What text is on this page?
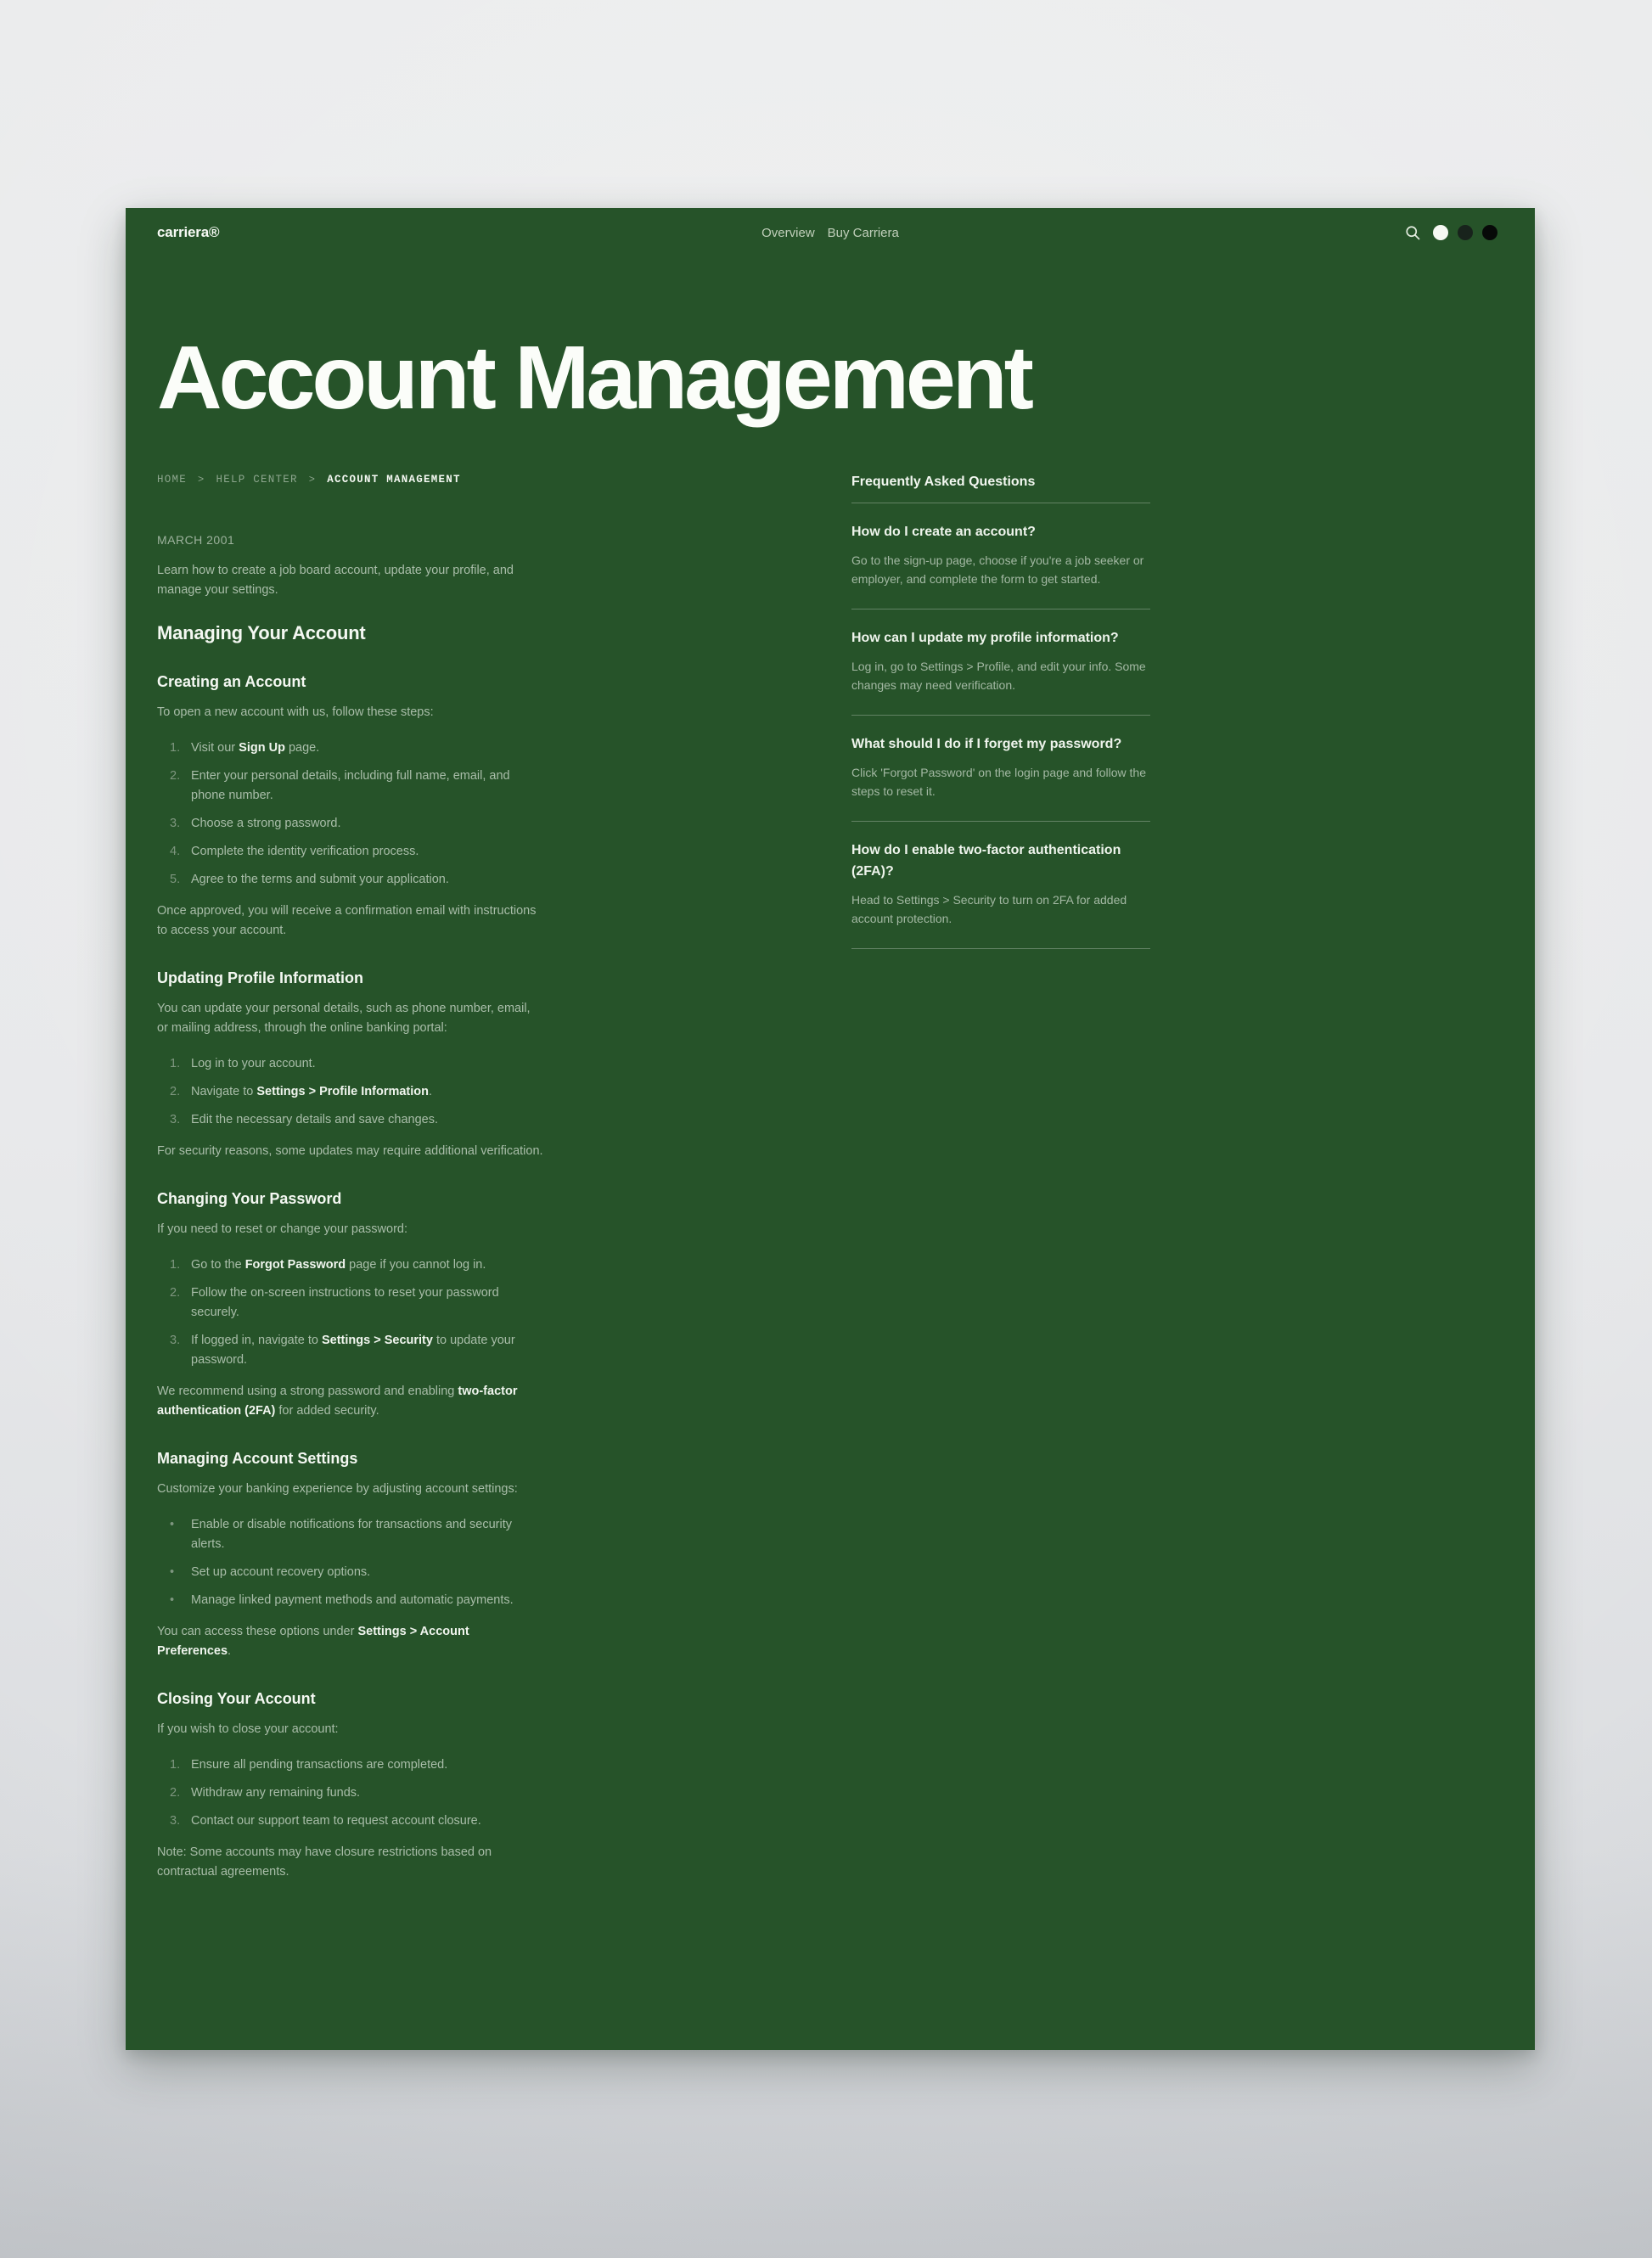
carriera®	Overview Buy Carriera
Account Management
HOME > HELP CENTER > ACCOUNT MANAGEMENT
MARCH 2001

Learn how to create a job board account, update your profile, and manage your settings.

Managing Your Account
Creating an Account

To open a new account with us, follow these steps:

1. Visit our Sign Up page.
2. Enter your personal details, including full name, email, and phone number.
3. Choose a strong password.
4. Complete the identity verification process.
5. Agree to the terms and submit your application.

Once approved, you will receive a confirmation email with instructions to access your account.

Updating Profile Information

You can update your personal details, such as phone number, email, or mailing address, through the online banking portal:

1. Log in to your account.
2. Navigate to Settings > Profile Information.
3. Edit the necessary details and save changes.

For security reasons, some updates may require additional verification.

Changing Your Password

If you need to reset or change your password:

1. Go to the Forgot Password page if you cannot log in.
2. Follow the on-screen instructions to reset your password securely.
3. If logged in, navigate to Settings > Security to update your password.

We recommend using a strong password and enabling two-factor authentication (2FA) for added security.

Managing Account Settings

Customize your banking experience by adjusting account settings:

•	Enable or disable notifications for transactions and security alerts.
•	Set up account recovery options.
•	Manage linked payment methods and automatic payments.

You can access these options under Settings > Account Preferences.

Closing Your Account

If you wish to close your account:

1. Ensure all pending transactions are completed.
2. Withdraw any remaining funds.
3. Contact our support team to request account closure.

Note: Some accounts may have closure restrictions based on contractual agreements.

Frequently Asked Questions
How do I create an account?
Go to the sign-up page, choose if you're a job seeker or employer, and complete the form to get started.
How can I update my profile information?
Log in, go to Settings > Profile, and edit your info. Some changes may need verification.
What should I do if I forget my password?
Click 'Forgot Password' on the login page and follow the steps to reset it.
How do I enable two-factor authentication (2FA)?
Head to Settings > Security to turn on 2FA for added account protection.
